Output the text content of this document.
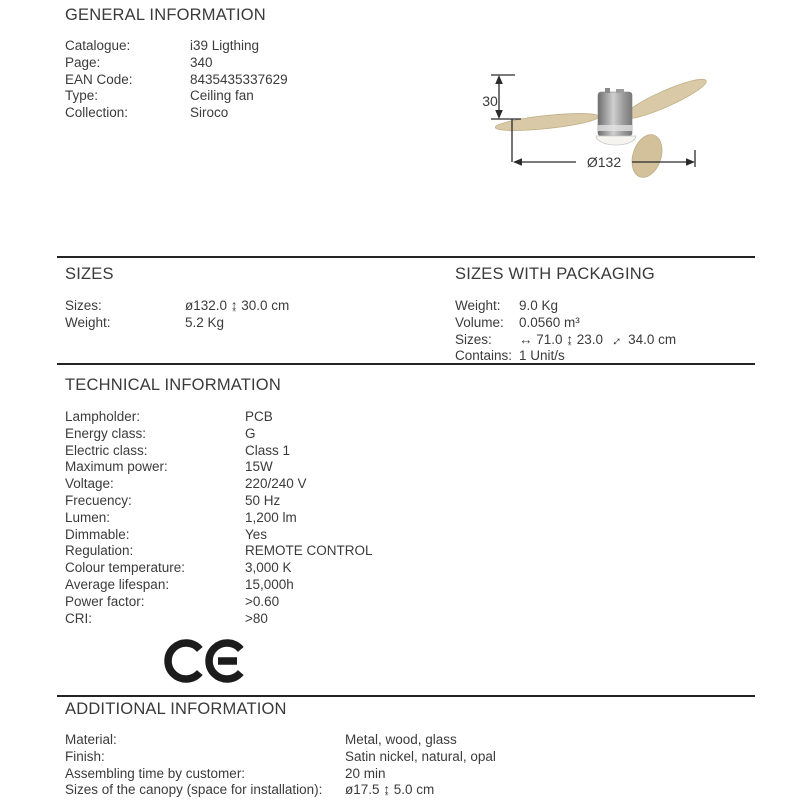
GENERAL INFORMATION
Catalogue:	i39 Ligthing
Page:	340
EAN Code:	8435435337629
Type:	Ceiling fan
Collection:	Siroco
30
Ø132
SIZES
Sizes:	ø132.0 ↨ 30.0 cm
Weight:	5.2 Kg
SIZES WITH PACKAGING
Weight:	9.0 Kg
Volume:	0.0560 m³
Sizes:	↔ 71.0 ↨ 23.0 ↔ 34.0 cm
Contains: 1 Unit/s
TECHNICAL INFORMATION
Lampholder:	PCB
Energy class:	G
Electric class:	Class 1
Maximum power:	15W
Voltage:	220/240 V
Frecuency:	50 Hz
Lumen:	1,200 lm
Dimmable:	Yes
Regulation:	REMOTE CONTROL
Colour temperature:	3,000 K
Average lifespan:	15,000h
Power factor:	>0.60
CRI:	>80
ADDITIONAL INFORMATION
Material:	Metal, wood, glass
Finish:	Satin nickel, natural, opal
Assembling time by customer:	20 min
Sizes of the canopy (space for installation):	ø17.5 ↨ 5.0 cm
